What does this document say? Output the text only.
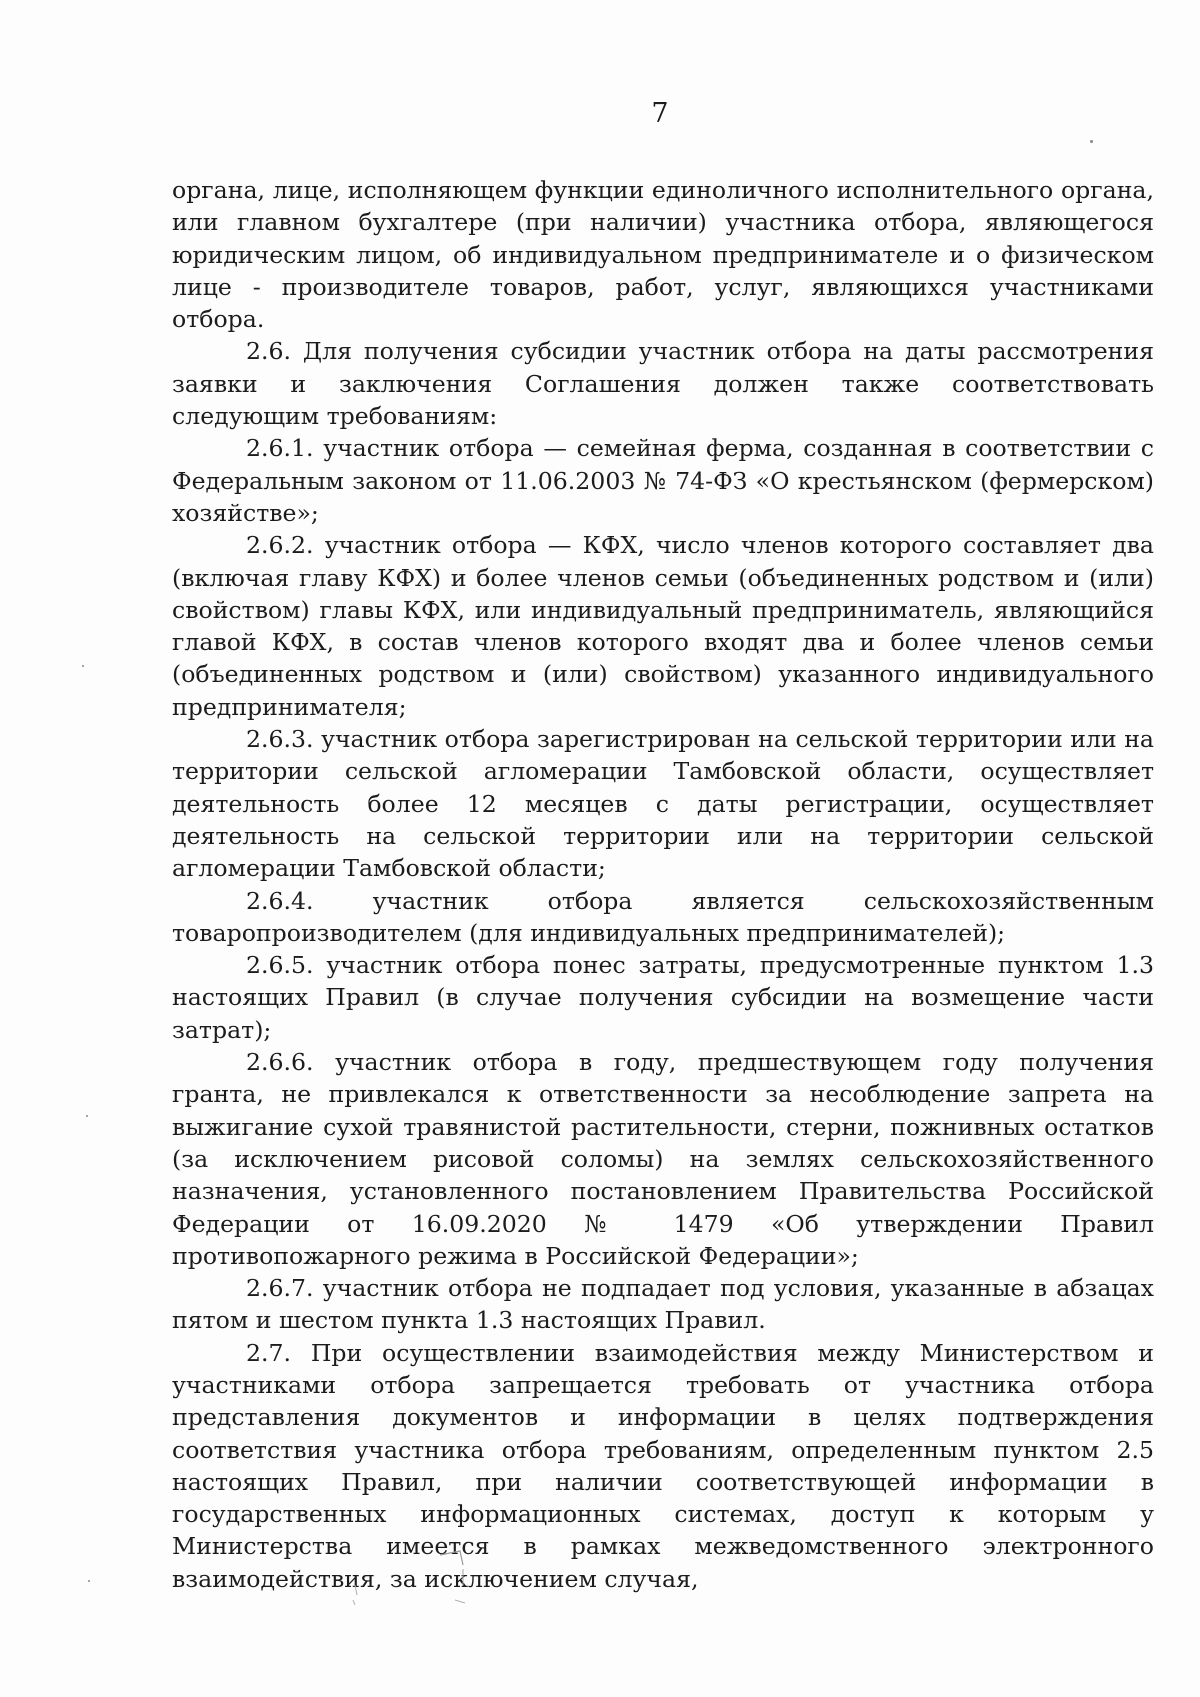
7

органа, лице, исполняющем функции единоличного исполнительного органа, или главном бухгалтере (при наличии) участника отбора, являющегося юридическим лицом, об индивидуальном предпринимателе и о физическом лице - производителе товаров, работ, услуг, являющихся участниками отбора.

2.6. Для получения субсидии участник отбора на даты рассмотрения заявки и заключения Соглашения должен также соответствовать следующим требованиям:

2.6.1. участник отбора — семейная ферма, созданная в соответствии с Федеральным законом от 11.06.2003 № 74-ФЗ «О крестьянском (фермерском) хозяйстве»;

2.6.2. участник отбора — КФХ, число членов которого составляет два (включая главу КФХ) и более членов семьи (объединенных родством и (или) свойством) главы КФХ, или индивидуальный предприниматель, являющийся главой КФХ, в состав членов которого входят два и более членов семьи (объединенных родством и (или) свойством) указанного индивидуального предпринимателя;

2.6.3. участник отбора зарегистрирован на сельской территории или на территории сельской агломерации Тамбовской области, осуществляет деятельность более 12 месяцев с даты регистрации, осуществляет деятельность на сельской территории или на территории сельской агломерации Тамбовской области;

2.6.4. участник отбора является сельскохозяйственным товаропроизводителем (для индивидуальных предпринимателей);

2.6.5. участник отбора понес затраты, предусмотренные пунктом 1.3 настоящих Правил (в случае получения субсидии на возмещение части затрат);

2.6.6. участник отбора в году, предшествующем году получения гранта, не привлекался к ответственности за несоблюдение запрета на выжигание сухой травянистой растительности, стерни, пожнивных остатков (за исключением рисовой соломы) на землях сельскохозяйственного назначения, установленного постановлением Правительства Российской Федерации от 16.09.2020 № 1479 «Об утверждении Правил противопожарного режима в Российской Федерации»;

2.6.7. участник отбора не подпадает под условия, указанные в абзацах пятом и шестом пункта 1.3 настоящих Правил.

2.7. При осуществлении взаимодействия между Министерством и участниками отбора запрещается требовать от участника отбора представления документов и информации в целях подтверждения соответствия участника отбора требованиям, определенным пунктом 2.5 настоящих Правил, при наличии соответствующей информации в государственных информационных системах, доступ к которым у Министерства имеется в рамках межведомственного электронного взаимодействия, за исключением случая,
